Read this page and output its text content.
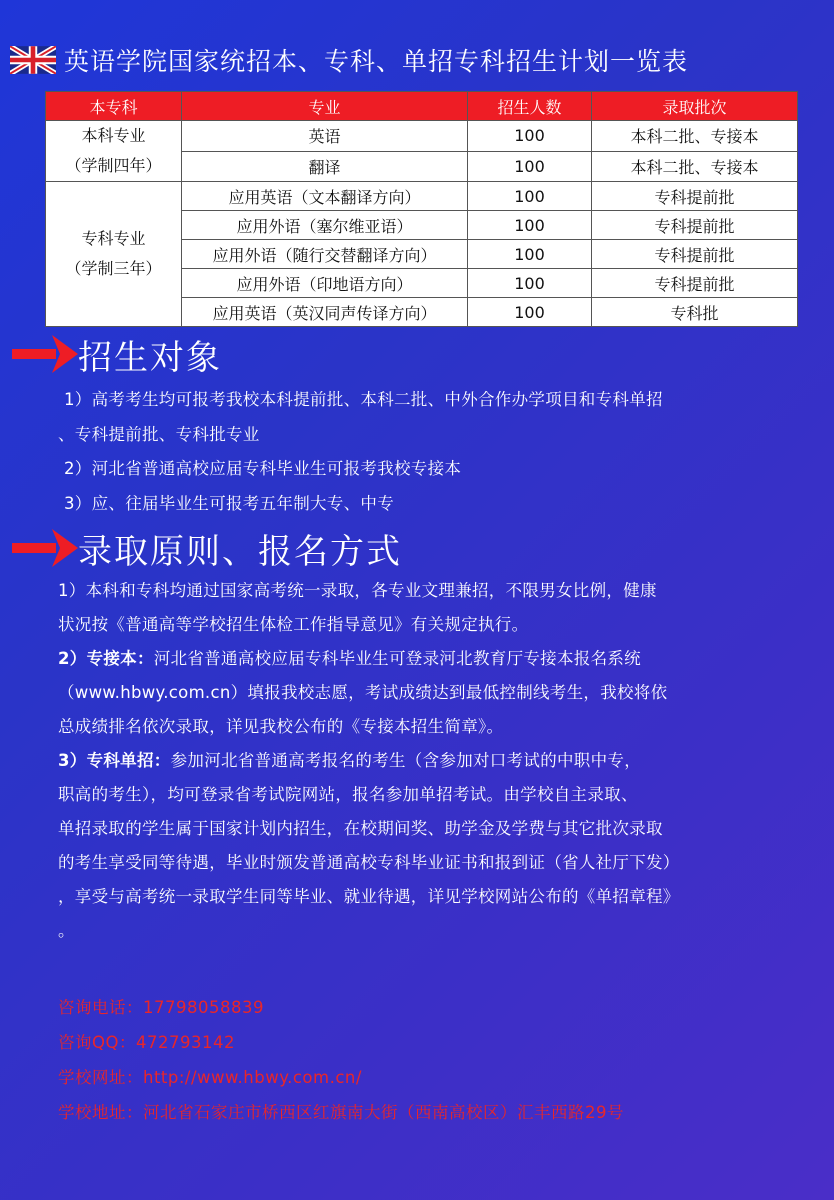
英语学院国家统招本、专科、单招专科招生计划一览表
本专科	专业	招生人数	录取批次

本科专业
（学制四年）	英语	100	本科二批、专接本
	翻译	100	本科二批、专接本

专科专业
（学制三年）	应用英语（文本翻译方向）	100	专科提前批
	应用外语（塞尔维亚语）	100	专科提前批
	应用外语（随行交替翻译方向）	100	专科提前批
	应用外语（印地语方向）	100	专科提前批
	应用英语（英汉同声传译方向）	100	专科批
招生对象

1）高考考生均可报考我校本科提前批、本科二批、中外合作办学项目和专科单招

、专科提前批、专科批专业

2）河北省普通高校应届专科毕业生可报考我校专接本

3）应、往届毕业生可报考五年制大专、中专

录取原则、报名方式

1）本科和专科均通过国家高考统一录取，各专业文理兼招，不限男女比例，健康

状况按《普通高等学校招生体检工作指导意见》有关规定执行。

2）专接本：河北省普通高校应届专科毕业生可登录河北教育厅专接本报名系统

（www.hbwy.com.cn）填报我校志愿，考试成绩达到最低控制线考生，我校将依

总成绩排名依次录取，详见我校公布的《专接本招生简章》。

3）专科单招：参加河北省普通高考报名的考生（含参加对口考试的中职中专，

职高的考生），均可登录省考试院网站，报名参加单招考试。由学校自主录取、

单招录取的学生属于国家计划内招生，在校期间奖、助学金及学费与其它批次录取

的考生享受同等待遇，毕业时颁发普通高校专科毕业证书和报到证（省人社厅下发）

，享受与高考统一录取学生同等毕业、就业待遇，详见学校网站公布的《单招章程》

。

咨询电话：17798058839
咨询QQ：472793142
学校网址：http://www.hbwy.com.cn/
学校地址：河北省石家庄市桥西区红旗南大街（西南高校区）汇丰西路29号
